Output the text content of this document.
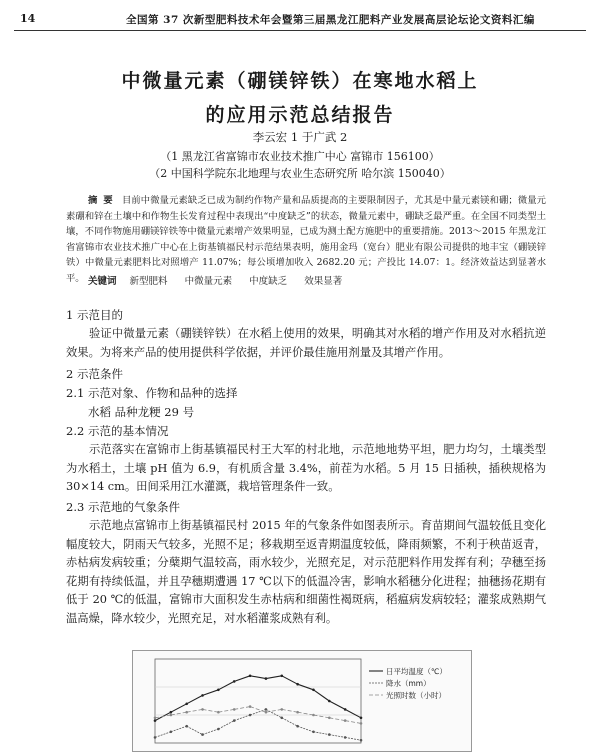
14	全国第 37 次新型肥料技术年会暨第三届黑龙江肥料产业发展高层论坛论文资料汇编
中微量元素（硼镁锌铁）在寒地水稻上
的应用示范总结报告
李云宏 1 于广武 2
（1 黑龙江省富锦市农业技术推广中心 富锦市 156100）
（2 中国科学院东北地理与农业生态研究所 哈尔滨 150040）
摘要 目前中微量元素缺乏已成为制约作物产量和品质提高的主要限制因子，尤其是中量元素镁和硼；微量元素硼和锌在土壤中和作物生长发育过程中表现出“中度缺乏”的状态，微量元素中，硼缺乏最严重。在全国不同类型土壤，不同作物施用硼镁锌铁等中微量元素增产效果明显，已成为测土配方施肥中的重要措施。2013～2015 年黑龙江省富锦市农业技术推广中心在上街基镇福民村示范结果表明，施用金玛（宽台）肥业有限公司提供的地丰宝（硼镁锌铁）中微量元素肥料比对照增产 11.07%；每公顷增加收入 2682.20 元；产投比 14.07：1。经济效益达到显著水平。 关键词 新型肥料 中微量元素 中度缺乏 效果显著
1 示范目的
验证中微量元素（硼镁锌铁）在水稻上使用的效果，明确其对水稻的增产作用及对水稻抗逆效果。为将来产品的使用提供科学依据，并评价最佳施用剂量及其增产作用。
2 示范条件
2.1 示范对象、作物和品种的选择
水稻 品种龙粳 29 号
2.2 示范的基本情况
示范落实在富锦市上街基镇福民村王大军的村北地，示范地地势平坦，肥力均匀，土壤类型为水稻土，土壤 pH 值为 6.9，有机质含量 3.4%，前茬为水稻。5 月 15 日插秧，插秧规格为 30×14 cm。田间采用江水灌溉，栽培管理条件一致。
2.3 示范地的气象条件
示范地点富锦市上街基镇福民村 2015 年的气象条件如图表所示。育苗期间气温较低且变化幅度较大，阴雨天气较多，光照不足；移栽期至返青期温度较低，降雨频繁，不利于秧苗返青，赤枯病发病较重；分蘖期气温较高，雨水较少，光照充足，对示范肥料作用发挥有利；孕穗至扬花期有持续低温，并且孕穗期遭遇 17 ℃以下的低温冷害，影响水稻穗分化进程；抽穗扬花期有低于 20 ℃的低温，富锦市大面积发生赤枯病和细菌性褐斑病，稻瘟病发病较轻；灌浆成熟期气温高燥，降水较少，光照充足，对水稻灌浆成熟有利。
日平均温度（℃）
降水（mm）
光照时数（小时）
